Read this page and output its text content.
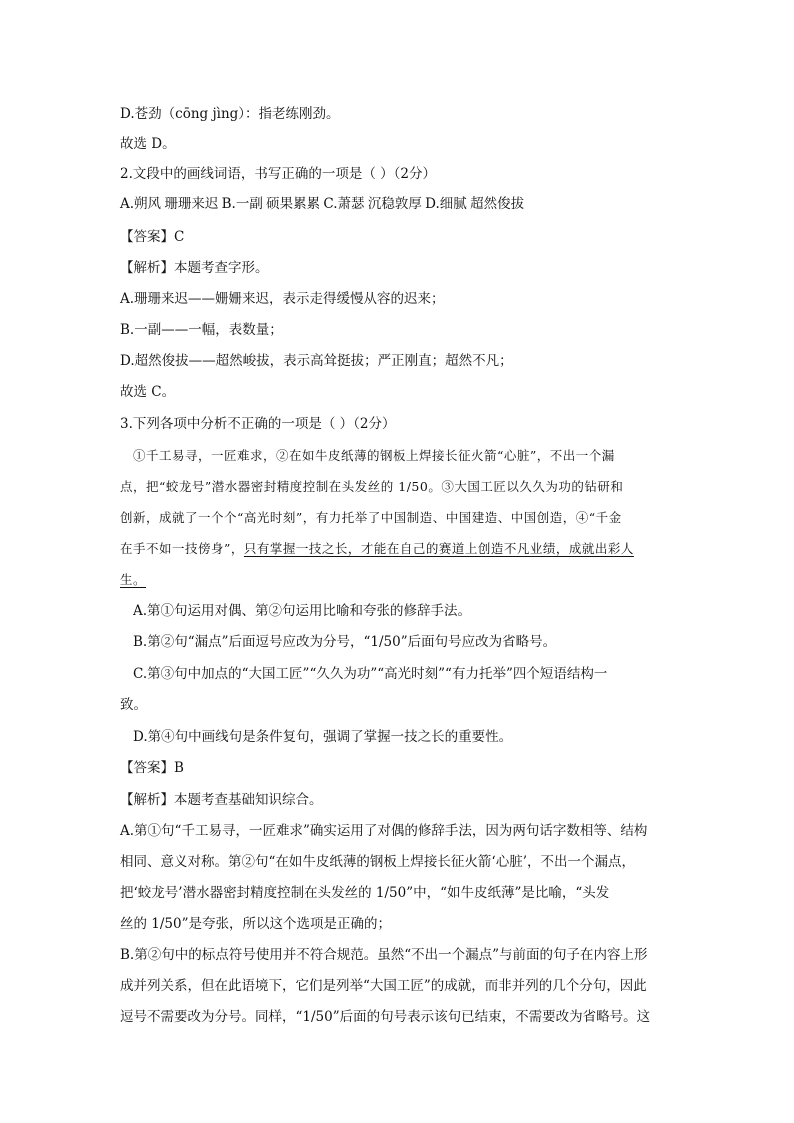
D.苍劲（cōng jìng）：指老练刚劲。
故选 D。
2.文段中的画线词语，书写正确的一项是（ ）（2分）
A.朔风 珊珊来迟 B.一副 硕果累累 C.萧瑟 沉稳敦厚 D.细腻 超然俊拔
【答案】C
【解析】本题考查字形。
A.珊珊来迟——姗姗来迟，表示走得缓慢从容的迟来；
B.一副——一幅，表数量；
D.超然俊拔——超然峻拔，表示高耸挺拔；严正刚直；超然不凡；
故选 C。
3.下列各项中分析不正确的一项是（ ）（2分）
①千工易寻，一匠难求，②在如牛皮纸薄的钢板上焊接长征火箭“心脏”，不出一个漏
点，把“蛟龙号”潜水器密封精度控制在头发丝的 1/50。③大国工匠以久久为功的钻研和
创新，成就了一个个“高光时刻”，有力托举了中国制造、中国建造、中国创造，④“千金
在手不如一技傍身”，只有掌握一技之长，才能在自己的赛道上创造不凡业绩，成就出彩人
生。
A.第①句运用对偶、第②句运用比喻和夸张的修辞手法。
B.第②句“漏点”后面逗号应改为分号，“1/50”后面句号应改为省略号。
C.第③句中加点的“大国工匠”“久久为功”“高光时刻”“有力托举”四个短语结构一
致。
D.第④句中画线句是条件复句，强调了掌握一技之长的重要性。
【答案】B
【解析】本题考查基础知识综合。
A.第①句“千工易寻，一匠难求”确实运用了对偶的修辞手法，因为两句话字数相等、结构
相同、意义对称。第②句“在如牛皮纸薄的钢板上焊接长征火箭‘心脏’，不出一个漏点，
把‘蛟龙号’潜水器密封精度控制在头发丝的 1/50”中，“如牛皮纸薄”是比喻，“头发
丝的 1/50”是夸张，所以这个选项是正确的；
B.第②句中的标点符号使用并不符合规范。虽然“不出一个漏点”与前面的句子在内容上形
成并列关系，但在此语境下，它们是列举“大国工匠”的成就，而非并列的几个分句，因此
逗号不需要改为分号。同样，“1/50”后面的句号表示该句已结束，不需要改为省略号。这
